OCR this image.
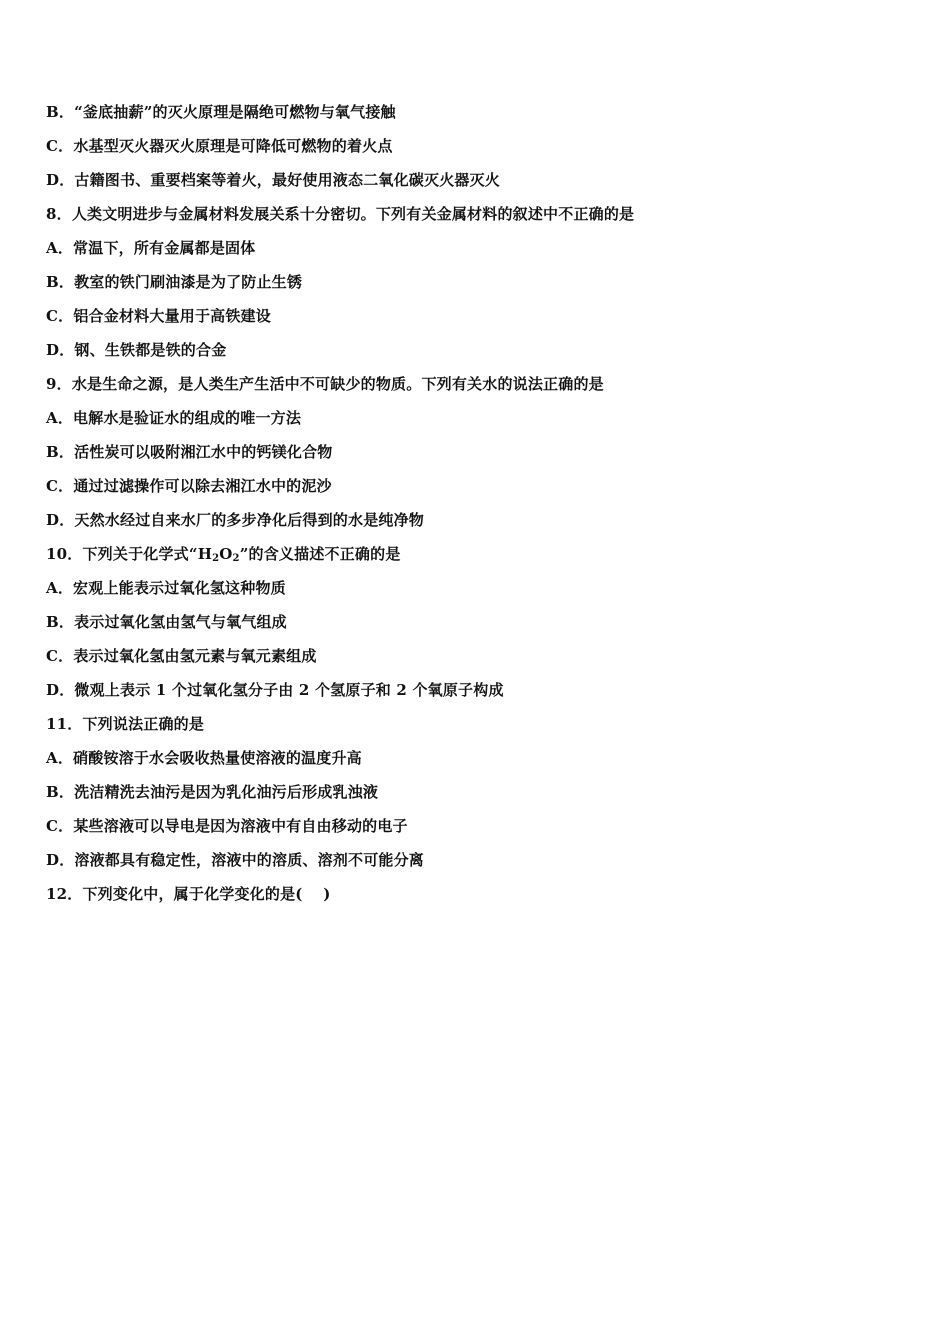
B．“釜底抽薪”的灭火原理是隔绝可燃物与氧气接触
C．水基型灭火器灭火原理是可降低可燃物的着火点
D．古籍图书、重要档案等着火，最好使用液态二氧化碳灭火器灭火
8．人类文明进步与金属材料发展关系十分密切。下列有关金属材料的叙述中不正确的是
A．常温下，所有金属都是固体
B．教室的铁门刷油漆是为了防止生锈
C．铝合金材料大量用于高铁建设
D．钢、生铁都是铁的合金
9．水是生命之源，是人类生产生活中不可缺少的物质。下列有关水的说法正确的是
A．电解水是验证水的组成的唯一方法
B．活性炭可以吸附湘江水中的钙镁化合物
C．通过过滤操作可以除去湘江水中的泥沙
D．天然水经过自来水厂的多步净化后得到的水是纯净物
10．下列关于化学式“$H_2O_2$”的含义描述不正确的是
A．宏观上能表示过氧化氢这种物质
B．表示过氧化氢由氢气与氧气组成
C．表示过氧化氢由氢元素与氧元素组成
D．微观上表示 1 个过氧化氢分子由 2 个氢原子和 2 个氧原子构成
11．下列说法正确的是
A．硝酸铵溶于水会吸收热量使溶液的温度升高
B．洗洁精洗去油污是因为乳化油污后形成乳浊液
C．某些溶液可以导电是因为溶液中有自由移动的电子
D．溶液都具有稳定性，溶液中的溶质、溶剂不可能分离
12．下列变化中，属于化学变化的是(　 )
